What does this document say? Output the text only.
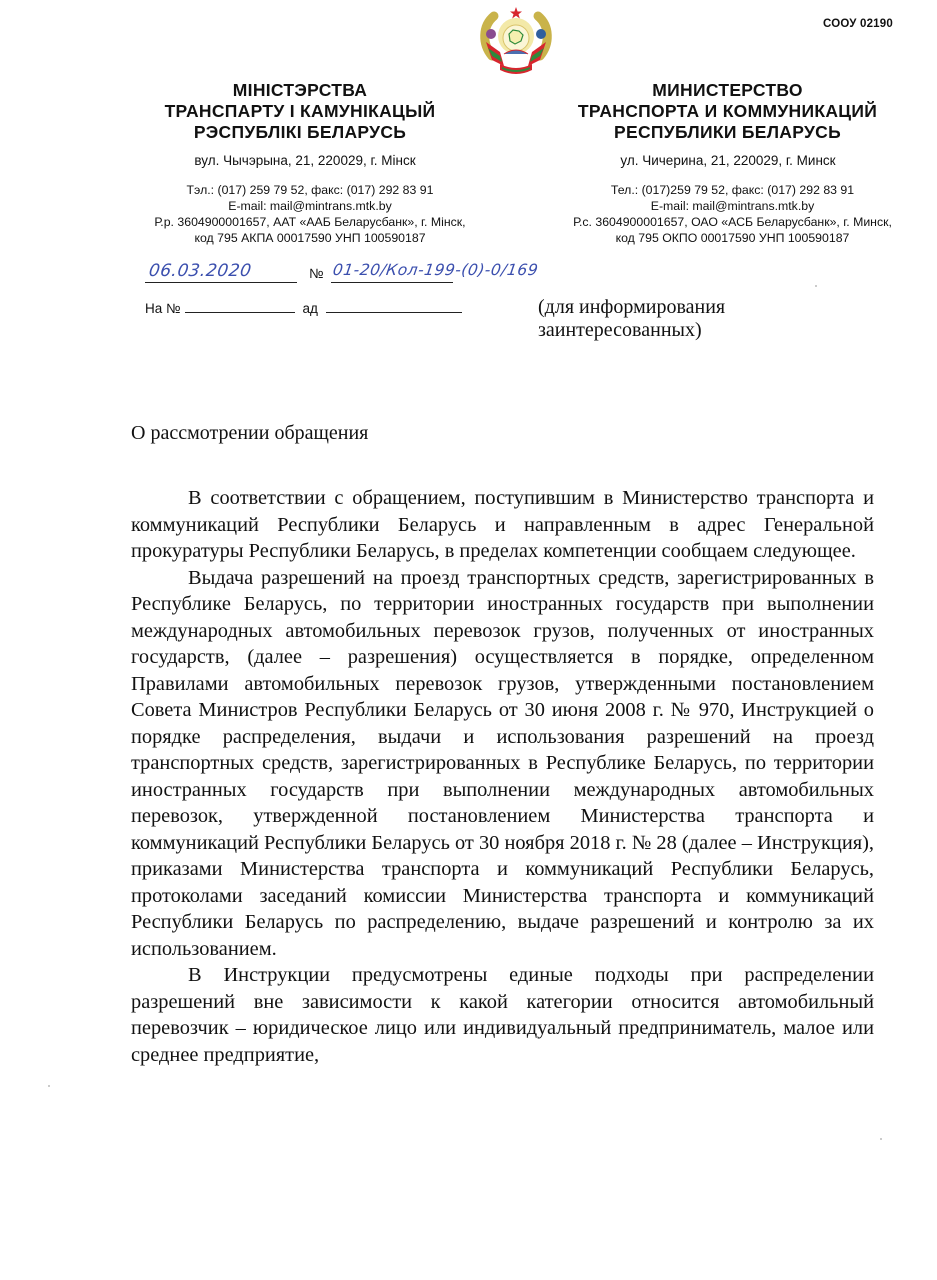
СООУ 02190
МІНІСТЭРСТВА
ТРАНСПАРТУ І КАМУНІКАЦЫЙ
РЭСПУБЛІКІ БЕЛАРУСЬ
вул. Чычэрына, 21, 220029, г. Мінск
Тэл.: (017) 259 79 52, факс: (017) 292 83 91
E-mail: mail@mintrans.mtk.by
Р.р. 3604900001657, ААТ «ААБ Беларусбанк», г. Мінск,
код 795 АКПА 00017590 УНП 100590187
МИНИСТЕРСТВО
ТРАНСПОРТА И КОММУНИКАЦИЙ
РЕСПУБЛИКИ БЕЛАРУСЬ
ул. Чичерина, 21, 220029, г. Минск
Тел.: (017)259 79 52, факс: (017) 292 83 91
E-mail: mail@mintrans.mtk.by
Р.с. 3604900001657, ОАО «АСБ Беларусбанк», г. Минск,
код 795 ОКПО 00017590 УНП 100590187
06.03.2020	№ 01-20/Кол-199-(0)-0/169
На №	ад	(для информирования
заинтересованных)
О рассмотрении обращения

В соответствии с обращением, поступившим в Министерство транспорта и коммуникаций Республики Беларусь и направленным в адрес Генеральной прокуратуры Республики Беларусь, в пределах компетенции сообщаем следующее.

Выдача разрешений на проезд транспортных средств, зарегистрированных в Республике Беларусь, по территории иностранных государств при выполнении международных автомобильных перевозок грузов, полученных от иностранных государств, (далее – разрешения) осуществляется в порядке, определенном Правилами автомобильных перевозок грузов, утвержденными постановлением Совета Министров Республики Беларусь от 30 июня 2008 г. № 970, Инструкцией о порядке распределения, выдачи и использования разрешений на проезд транспортных средств, зарегистрированных в Республике Беларусь, по территории иностранных государств при выполнении международных автомобильных перевозок, утвержденной постановлением Министерства транспорта и коммуникаций Республики Беларусь от 30 ноября 2018 г. № 28 (далее – Инструкция), приказами Министерства транспорта и коммуникаций Республики Беларусь, протоколами заседаний комиссии Министерства транспорта и коммуникаций Республики Беларусь по распределению, выдаче разрешений и контролю за их использованием.

В Инструкции предусмотрены единые подходы при распределении разрешений вне зависимости к какой категории относится автомобильный перевозчик – юридическое лицо или индивидуальный предприниматель, малое или среднее предприятие,
